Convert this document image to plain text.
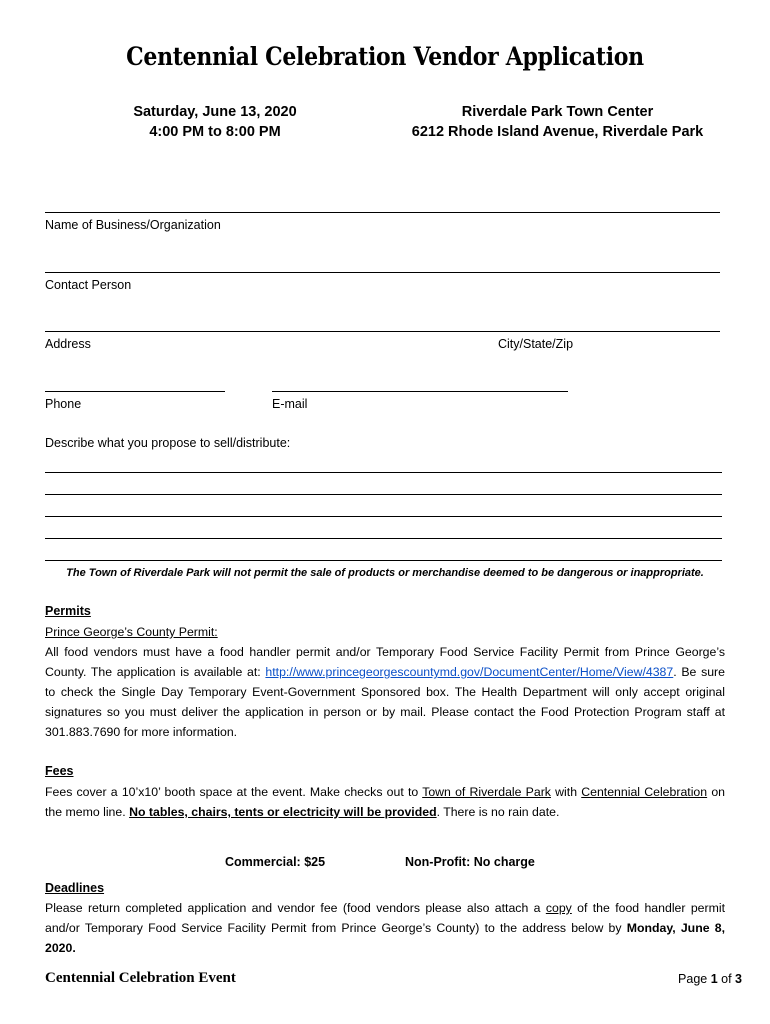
Centennial Celebration Vendor Application
Saturday, June 13, 2020
4:00 PM to 8:00 PM
Riverdale Park Town Center
6212 Rhode Island Avenue, Riverdale Park
Name of Business/Organization
Contact Person
Address	City/State/Zip
Phone	E-mail
Describe what you propose to sell/distribute:
The Town of Riverdale Park will not permit the sale of products or merchandise deemed to be dangerous or inappropriate.
Permits
Prince George’s County Permit:
All food vendors must have a food handler permit and/or Temporary Food Service Facility Permit from Prince George’s County. The application is available at: http://www.princegeorgescountymd.gov/DocumentCenter/Home/View/4387. Be sure to check the Single Day Temporary Event-Government Sponsored box. The Health Department will only accept original signatures so you must deliver the application in person or by mail. Please contact the Food Protection Program staff at 301.883.7690 for more information.
Fees
Fees cover a 10’x10’ booth space at the event. Make checks out to Town of Riverdale Park with Centennial Celebration on the memo line. No tables, chairs, tents or electricity will be provided. There is no rain date.
Commercial: $25	Non-Profit: No charge
Deadlines
Please return completed application and vendor fee (food vendors please also attach a copy of the food handler permit and/or Temporary Food Service Facility Permit from Prince George’s County) to the address below by Monday, June 8, 2020.
Centennial Celebration Event	Page 1 of 3
